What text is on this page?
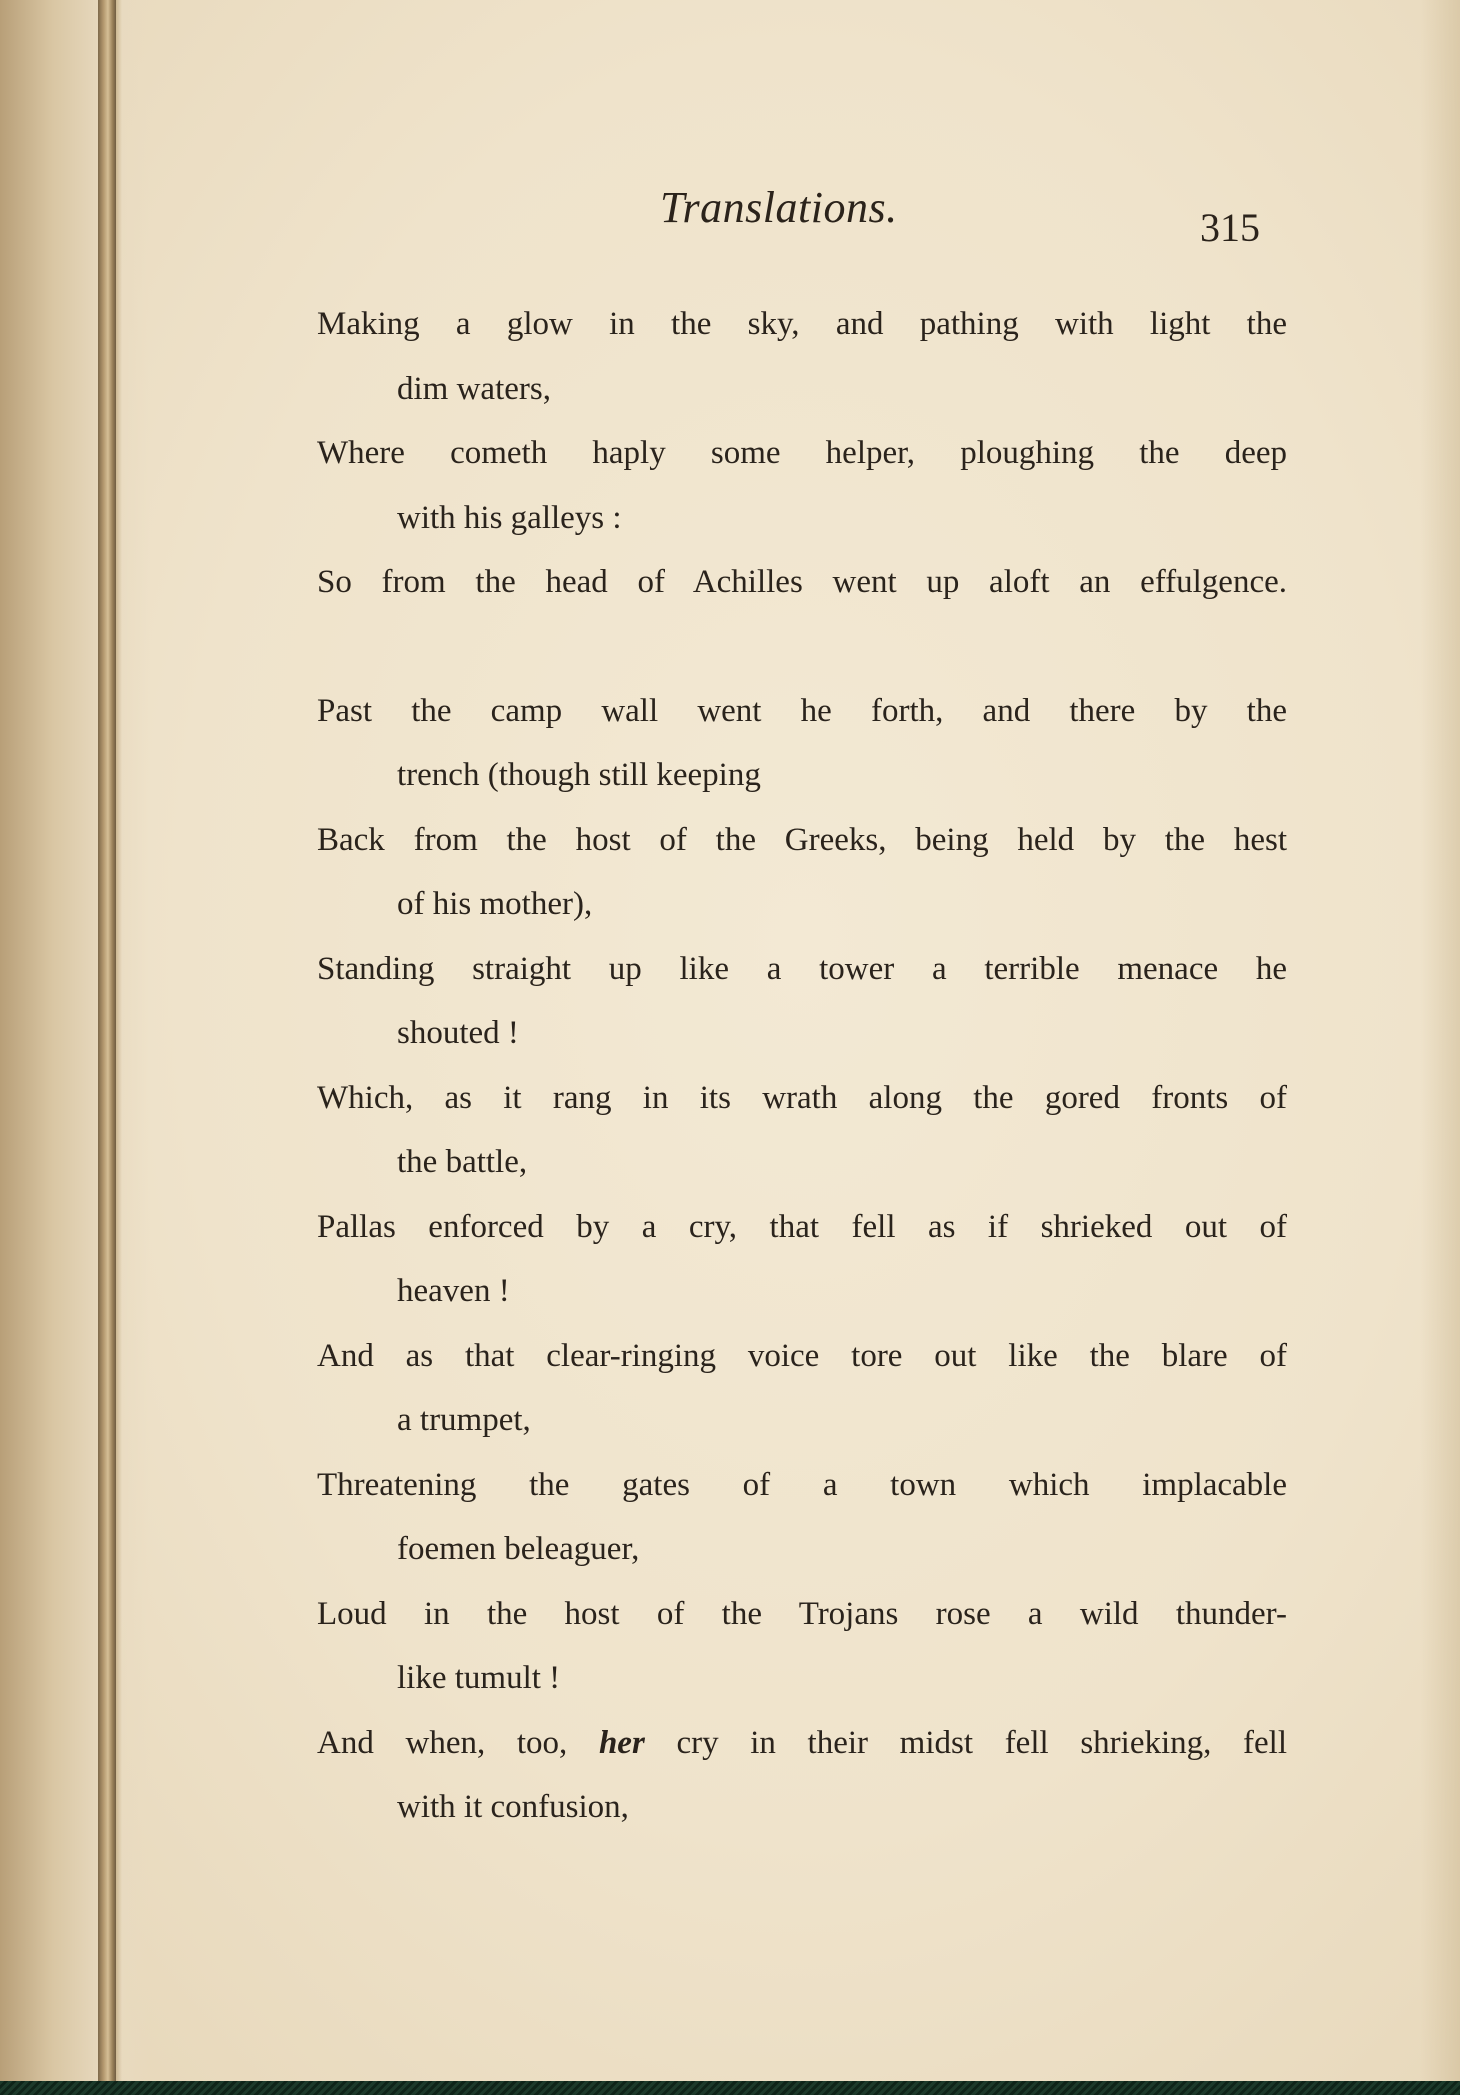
Translations.	315
Making a glow in the sky, and pathing with light the
dim waters,
Where cometh haply some helper, ploughing the deep
with his galleys :
So from the head of Achilles went up aloft an effulgence.
Past the camp wall went he forth, and there by the
trench (though still keeping
Back from the host of the Greeks, being held by the hest
of his mother),
Standing straight up like a tower a terrible menace he
shouted !
Which, as it rang in its wrath along the gored fronts of
the battle,
Pallas enforced by a cry, that fell as if shrieked out of
heaven !
And as that clear-ringing voice tore out like the blare of
a trumpet,
Threatening the gates of a town which implacable
foemen beleaguer,
Loud in the host of the Trojans rose a wild thunder-
like tumult !
And when, too, her cry in their midst fell shrieking, fell
with it confusion,
